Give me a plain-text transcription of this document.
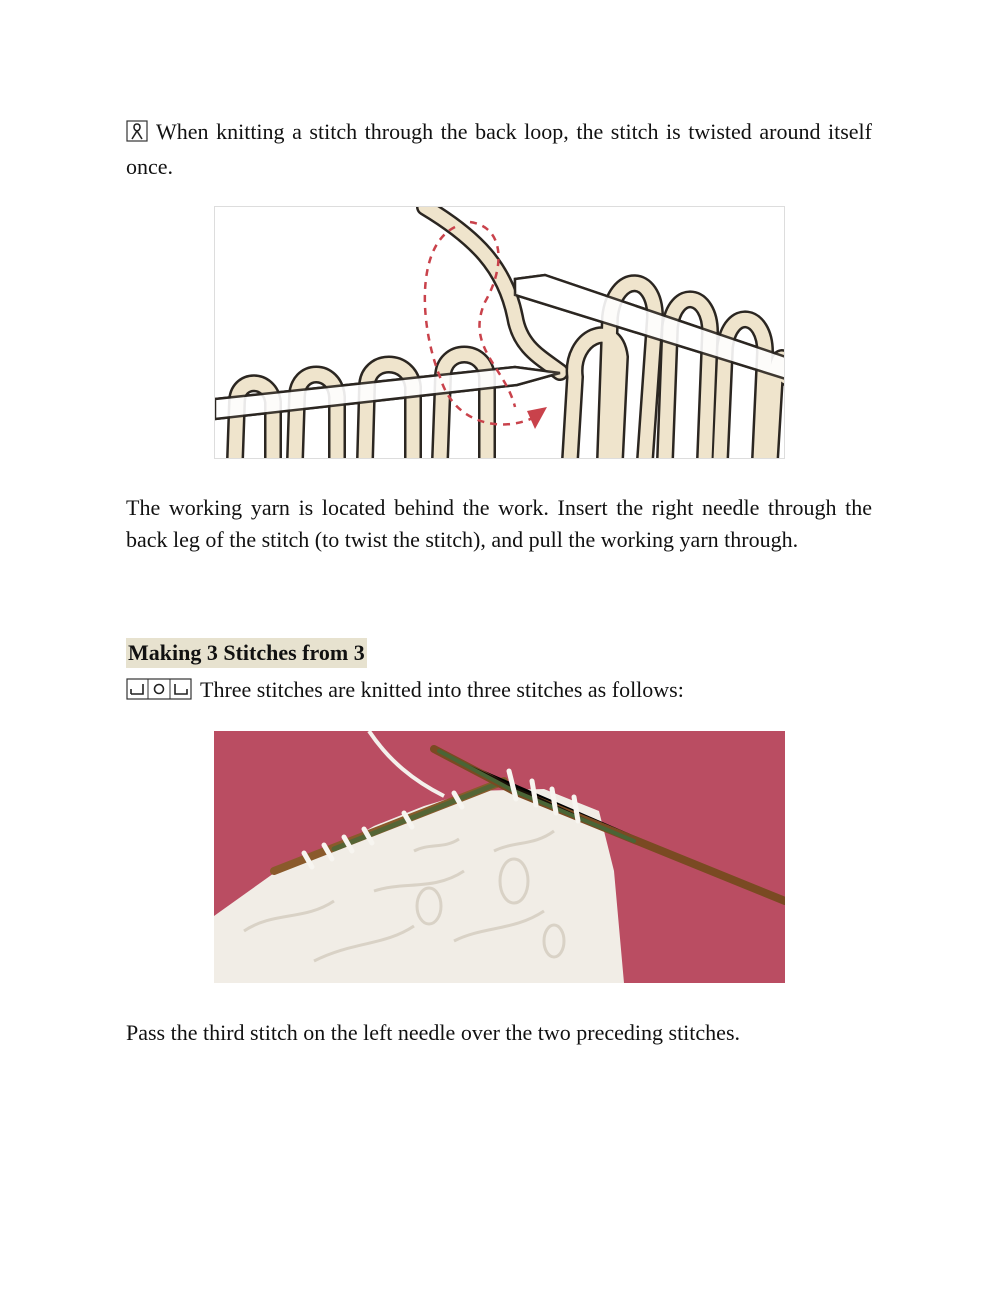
When knitting a stitch through the back loop, the stitch is twisted around itself once.

The working yarn is located behind the work. Insert the right needle through the back leg of the stitch (to twist the stitch), and pull the working yarn through.

Making 3 Stitches from 3

Three stitches are knitted into three stitches as follows:

Pass the third stitch on the left needle over the two preceding stitches.
